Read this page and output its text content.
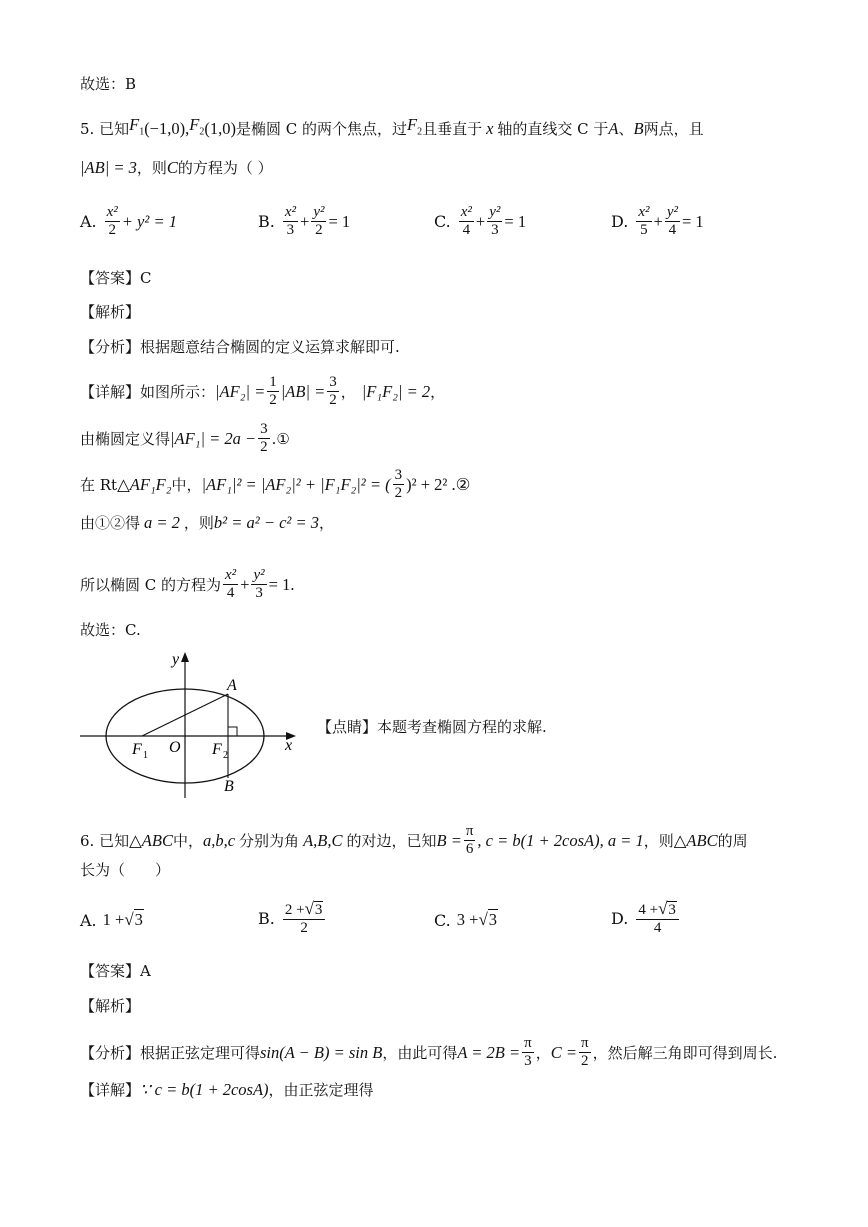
故选：B
5. 已知 $F_1$ (−1,0), $F_2$ (1,0) 是椭圆 C 的两个焦点，过 $F_2$ 且垂直于 x 轴的直线交 C 于 A 、 B 两点，且
|AB| = 3 ，则 C 的方程为（ ）
A. $\frac{\text{x²}}{2} + y^2 = 1$	B. $\frac{\text{x²}}{3} + \frac{\text{y²}}{2} = 1$	C. $\frac{\text{x²}}{4} + \frac{\text{y²}}{3} = 1$	D. $\frac{\text{x²}}{5} + \frac{\text{y²}}{4} = 1$
【答案】C
【解析】
【分析】根据题意结合椭圆的定义运算求解即可.
【详解】如图所示： $|AF_2| = \frac{1}{2} |AB| = \frac{3}{2}$ ， |F₁F₂| = 2 ，
由椭圆定义得 $|AF_1| = 2a - \frac{3}{2}$ .①
在 Rt △AF₁F₂ 中， |AF₁|² = |AF₂|² + |F₁F₂|² = ( $\frac{3}{2} )^2 + 2^2$ .②
由①②得 a = 2 ，则 b² = a² − c² = 3 ，
所以椭圆 C 的方程为 $\frac{\text{x²}}{4} + \frac{\text{y²}}{3} = 1$.
故选：C.
y
x
A
B
O
F 1	F 2
【点睛】本题考查椭圆方程的求解.
6. 已知 △ABC 中， a,b,c 分别为角 A,B,C 的对边，已知 $B = \frac{\pi}{6}$ , c = b(1 + 2cosA), a = 1 ，则 △ABC 的周
长为（　　）
A. 1 + √3	B. $\frac{2 +√3}{2}$	C. 3 + √3	D. $\frac{4 +√3}{4}$
【答案】A
【解析】
【分析】根据正弦定理可得 sin(A − B) = sin B ，由此可得 $A = 2B = \frac{\pi}{3}$ ， $C = \frac{\pi}{2}$ ，然后解三角即可得到周长.
【详解】 ∵ c = b(1 + 2cosA) ，由正弦定理得
